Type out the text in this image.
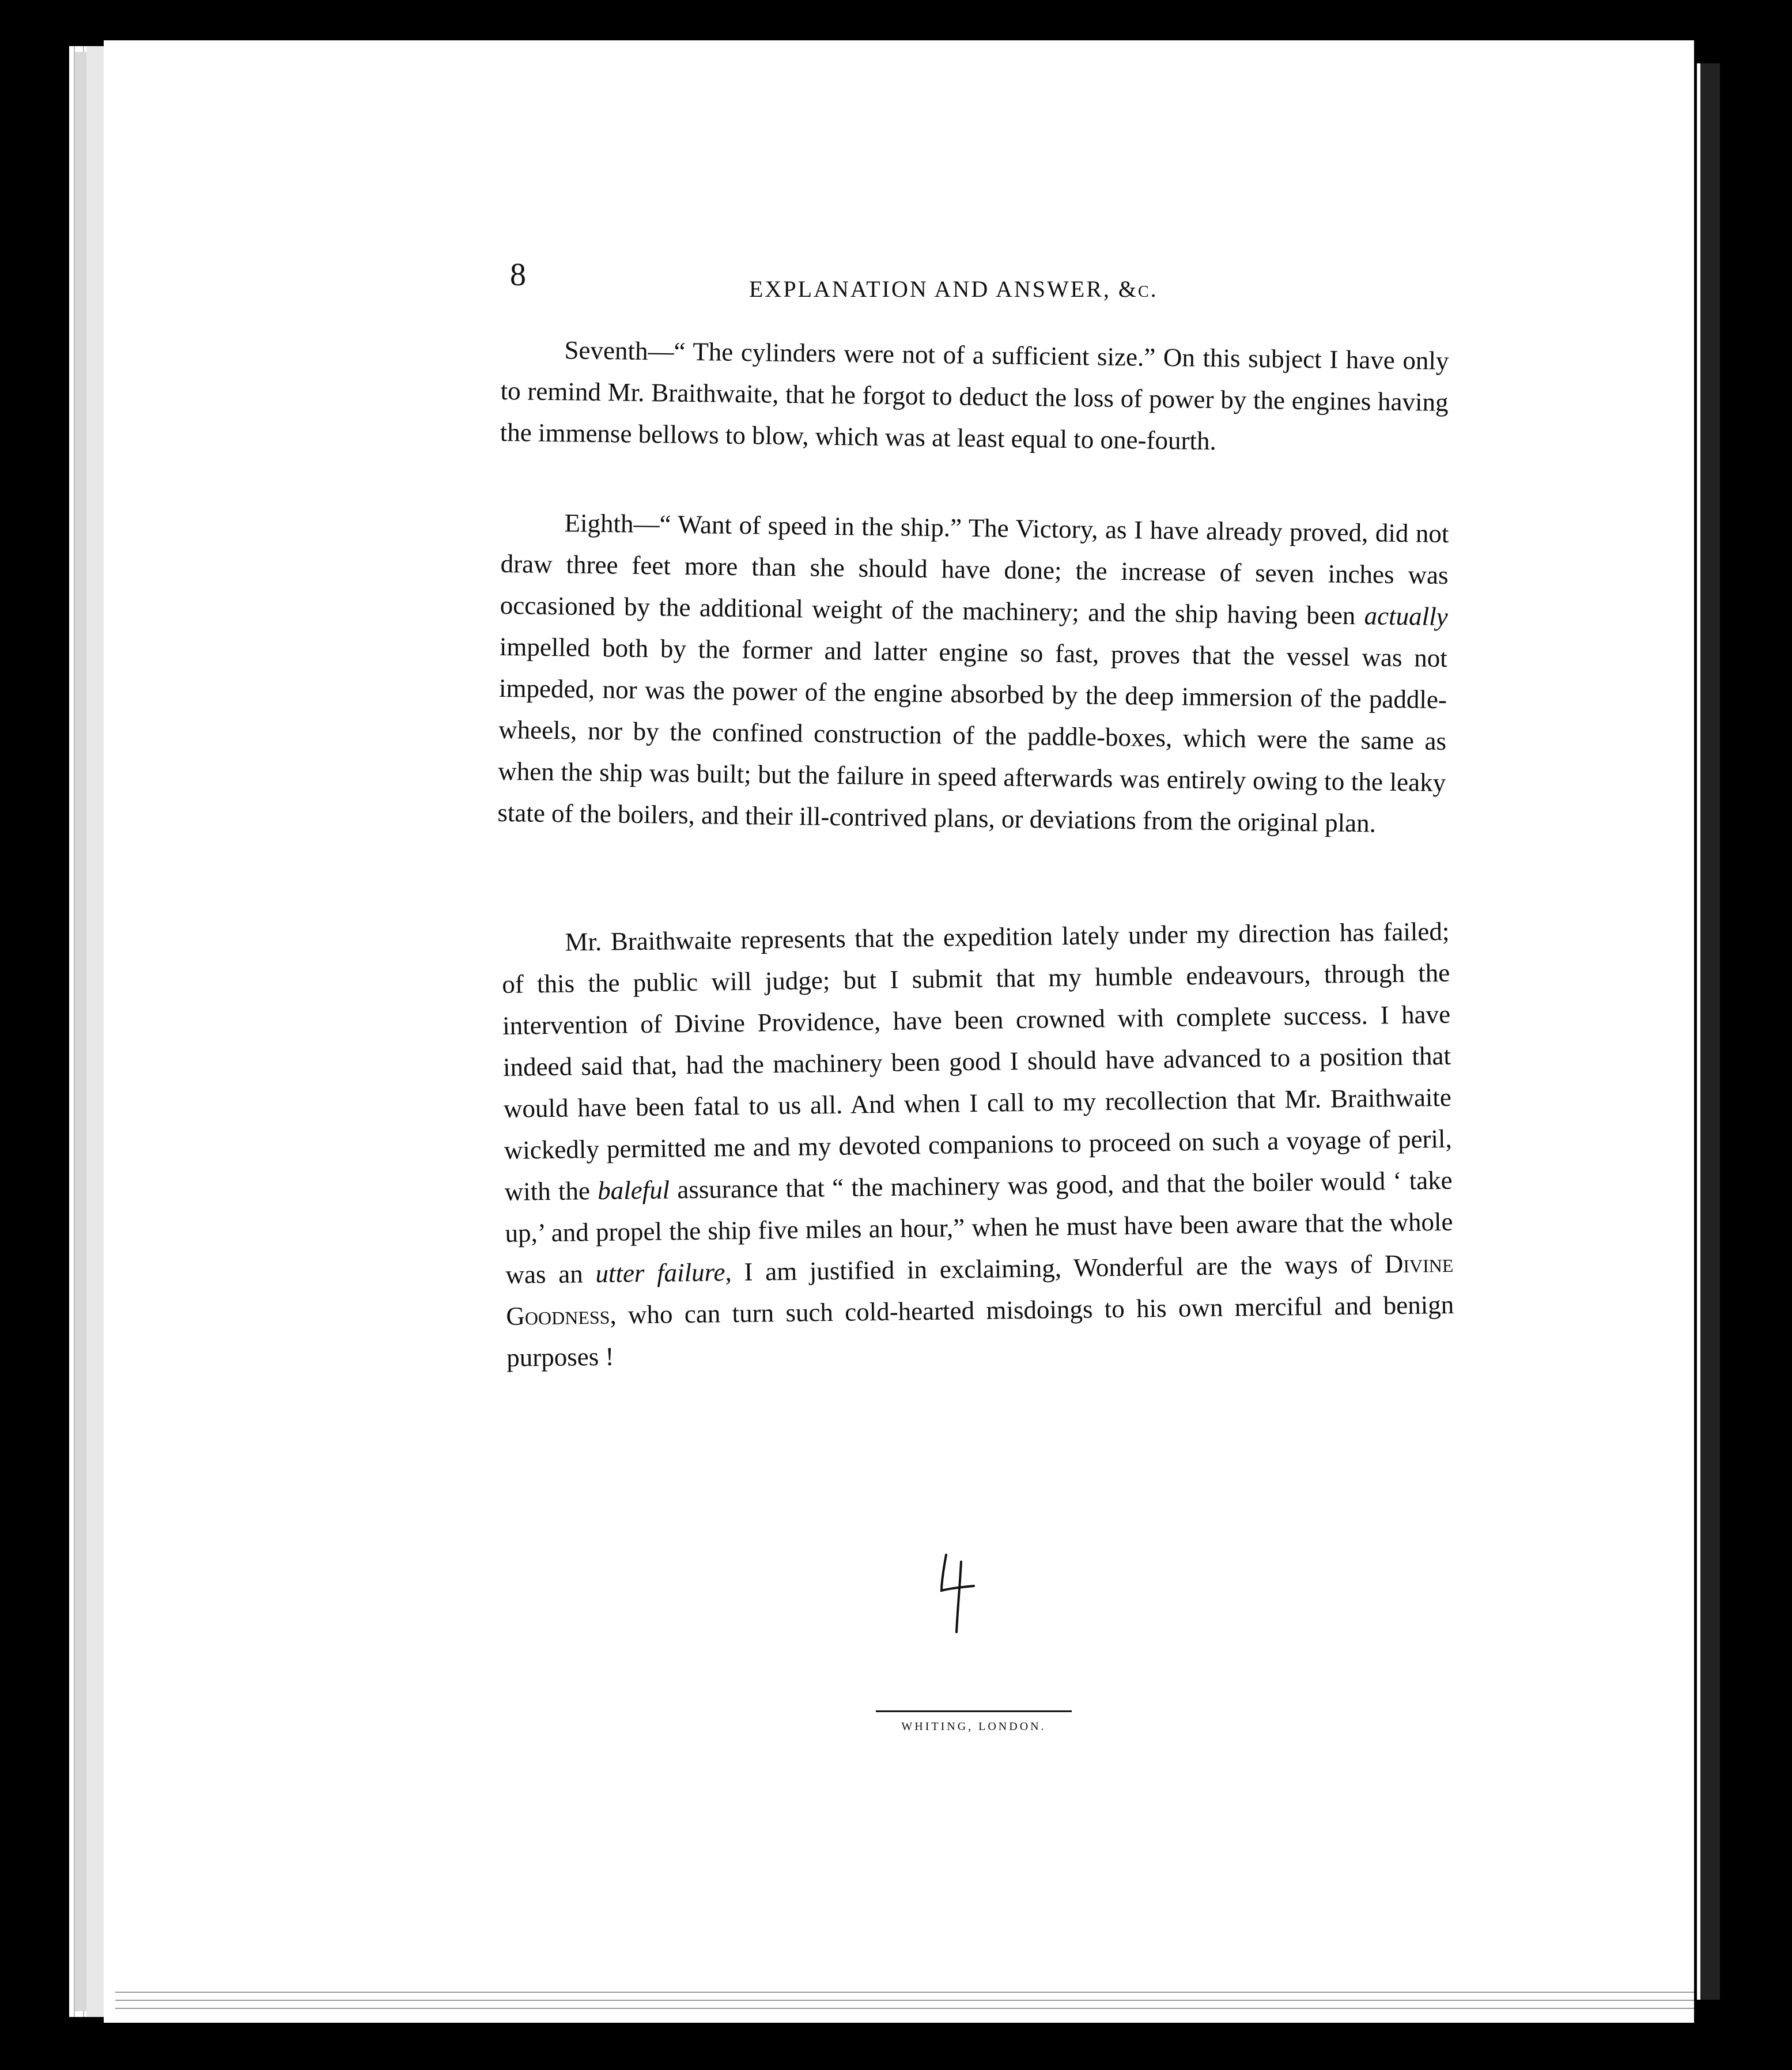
8	EXPLANATION AND ANSWER, &c.

Seventh—“ The cylinders were not of a sufficient size.” On this subject I have only to remind Mr. Braithwaite, that he forgot to deduct the loss of power by the engines having the immense bellows to blow, which was at least equal to one-fourth.

Eighth—“ Want of speed in the ship.” The Victory, as I have already proved, did not draw three feet more than she should have done; the increase of seven inches was occasioned by the additional weight of the machinery; and the ship having been actually impelled both by the former and latter engine so fast, proves that the vessel was not impeded, nor was the power of the engine absorbed by the deep immersion of the paddle-wheels, nor by the confined construction of the paddle-boxes, which were the same as when the ship was built; but the failure in speed afterwards was entirely owing to the leaky state of the boilers, and their ill-contrived plans, or deviations from the original plan.

Mr. Braithwaite represents that the expedition lately under my direction has failed; of this the public will judge; but I submit that my humble endeavours, through the intervention of Divine Providence, have been crowned with complete success. I have indeed said that, had the machinery been good I should have advanced to a position that would have been fatal to us all. And when I call to my recollection that Mr. Braithwaite wickedly permitted me and my devoted companions to proceed on such a voyage of peril, with the baleful assurance that “ the machinery was good, and that the boiler would ‘ take up,’ and propel the ship five miles an hour,” when he must have been aware that the whole was an utter failure, I am justified in exclaiming, Wonderful are the ways of Divine Goodness, who can turn such cold-hearted misdoings to his own merciful and benign purposes !

WHITING, LONDON.
